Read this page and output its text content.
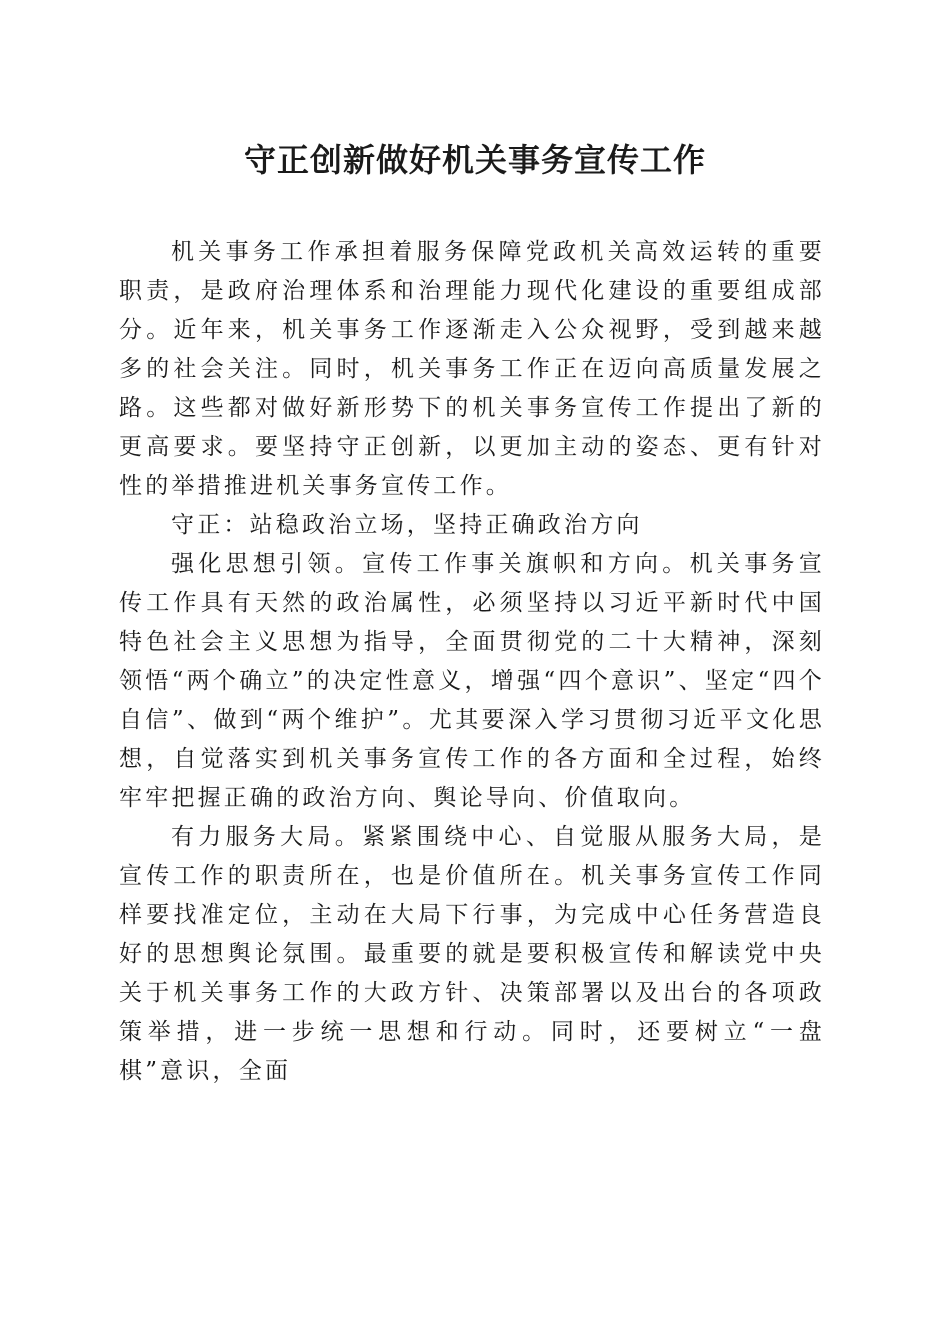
守正创新做好机关事务宣传工作

机关事务工作承担着服务保障党政机关高效运转的重要职责，是政府治理体系和治理能力现代化建设的重要组成部分。近年来，机关事务工作逐渐走入公众视野，受到越来越多的社会关注。同时，机关事务工作正在迈向高质量发展之路。这些都对做好新形势下的机关事务宣传工作提出了新的更高要求。要坚持守正创新，以更加主动的姿态、更有针对性的举措推进机关事务宣传工作。

守正：站稳政治立场，坚持正确政治方向

强化思想引领。宣传工作事关旗帜和方向。机关事务宣传工作具有天然的政治属性，必须坚持以习近平新时代中国特色社会主义思想为指导，全面贯彻党的二十大精神，深刻领悟“两个确立”的决定性意义，增强“四个意识”、坚定“四个自信”、做到“两个维护”。尤其要深入学习贯彻习近平文化思想，自觉落实到机关事务宣传工作的各方面和全过程，始终牢牢把握正确的政治方向、舆论导向、价值取向。

有力服务大局。紧紧围绕中心、自觉服从服务大局，是宣传工作的职责所在，也是价值所在。机关事务宣传工作同样要找准定位，主动在大局下行事，为完成中心任务营造良好的思想舆论氛围。最重要的就是要积极宣传和解读党中央关于机关事务工作的大政方针、决策部署以及出台的各项政策举措，进一步统一思想和行动。同时，还要树立“一盘棋”意识，全面
